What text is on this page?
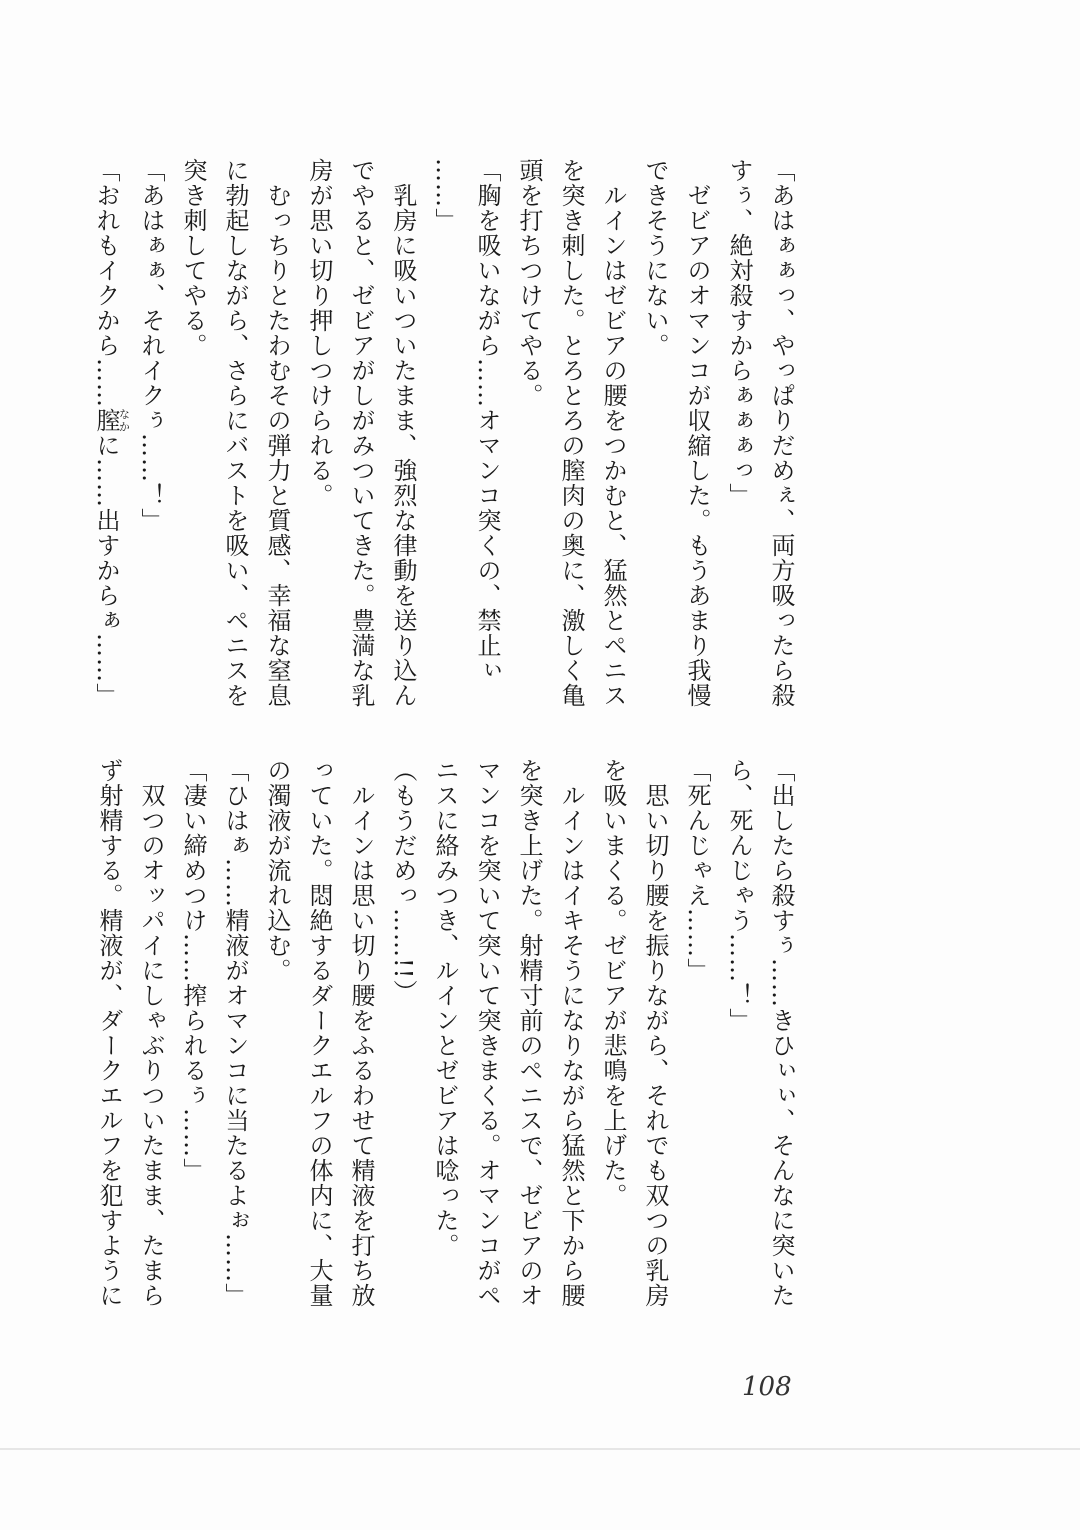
「あはぁぁっ、やっぱりだめぇ、両方吸ったら殺
すぅ、絶対殺すからぁぁぁっ」
　ゼビアのオマンコが収縮した。もうあまり我慢
できそうにない。
　ルインはゼビアの腰をつかむと、猛然とペニス
を突き刺した。とろとろの膣肉の奥に、激しく亀
頭を打ちつけてやる。
「胸を吸いながら……オマンコ突くの、禁止ぃ
……」
　乳房に吸いついたまま、強烈な律動を送り込ん
でやると、ゼビアがしがみついてきた。豊満な乳
房が思い切り押しつけられる。
　むっちりとたわむその弾力と質感、幸福な窒息
に勃起しながら、さらにバストを吸い、ペニスを
突き刺してやる。
「あはぁぁ、それイクぅ……！」
「おれもイクから……膣なかに……出すからぁ……」
「出したら殺すぅ……きひぃぃ、そんなに突いた
ら、死んじゃう……！」
「死んじゃえ……」
　思い切り腰を振りながら、それでも双つの乳房
を吸いまくる。ゼビアが悲鳴を上げた。
　ルインはイキそうになりながら猛然と下から腰
を突き上げた。射精寸前のペニスで、ゼビアのオ
マンコを突いて突いて突きまくる。オマンコがペ
ニスに絡みつき、ルインとゼビアは唸った。
（もうだめっ……!!）
　ルインは思い切り腰をふるわせて精液を打ち放
っていた。悶絶するダークエルフの体内に、大量
の濁液が流れ込む。
「ひはぁ……精液がオマンコに当たるよぉ……」
「凄い締めつけ……搾られるぅ……」
　双つのオッパイにしゃぶりついたまま、たまら
ず射精する。精液が、ダークエルフを犯すように
108
